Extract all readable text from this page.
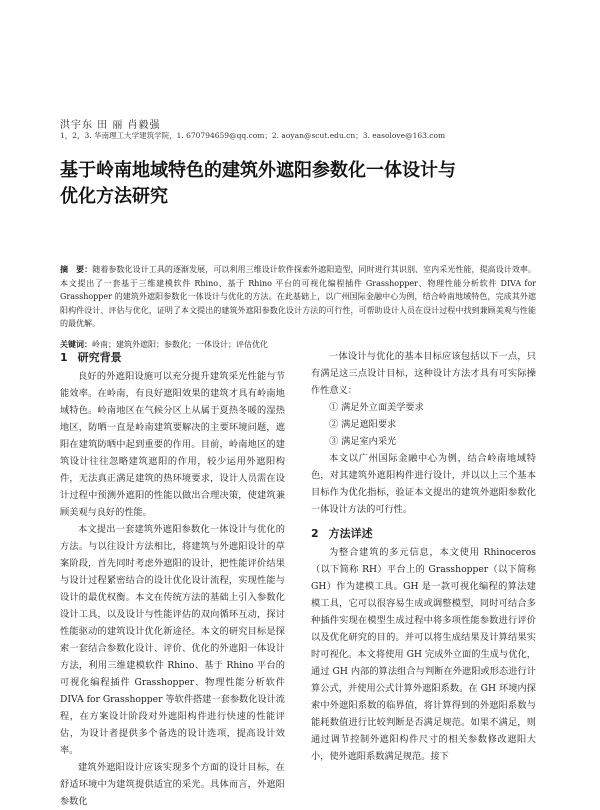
洪宇东 田 丽 肖毅强
1，2，3. 华南理工大学建筑学院，1. 670794659@qq.com；2. aoyan@scut.edu.cn；3. easolove@163.com
基于岭南地域特色的建筑外遮阳参数化一体设计与
优化方法研究
摘　要：随着参数化设计工具的逐渐发展，可以利用三维设计软件探索外遮阳造型，同时进行其识别、室内采光性能，提高设计效率。本文提出了一套基于三维建模软件 Rhino、基于 Rhino 平台的可视化编程插件 Grasshopper、物理性能分析软件 DIVA for Grasshopper 的建筑外遮阳参数化一体设计与优化的方法。在此基础上，以广州国际金融中心为例，结合岭南地域特色，完成其外遮阳构件设计、评估与优化，证明了本文提出的建筑外遮阳参数化设计方法的可行性，可帮助设计人员在设计过程中找到兼顾美观与性能的最优解。
关键词：岭南；建筑外遮阳；参数化；一体设计；评估优化
1 研究背景

良好的外遮阳设施可以充分提升建筑采光性能与节能效率。在岭南，有良好遮阳效果的建筑才具有岭南地域特色。岭南地区在气候分区上从属于夏热冬暖的湿热地区，防晒一直是岭南建筑要解决的主要环境问题，遮阳在建筑防晒中起到重要的作用。目前，岭南地区的建筑设计往往忽略建筑遮阳的作用，较少运用外遮阳构件，无法真正满足建筑的热环境要求，设计人员需在设计过程中预测外遮阳的性能以做出合理决策，使建筑兼顾美观与良好的性能。

本文提出一套建筑外遮阳参数化一体设计与优化的方法。与以往设计方法相比，将建筑与外遮阳设计的草案阶段，首先同时考虑外遮阳的设计，把性能评价结果与设计过程紧密结合的设计优化设计流程，实现性能与设计的最优权衡。本文在传统方法的基础上引入参数化设计工具，以及设计与性能评估的双向循环互动，探讨性能驱动的建筑设计优化新途径。本文的研究目标是探索一套结合参数化设计、评价、优化的外遮阳一体设计方法，利用三维建模软件 Rhino、基于 Rhino 平台的可视化编程插件 Grasshopper、物理性能分析软件 DIVA for Grasshopper 等软件搭建一套参数化设计流程，在方案设计阶段对外遮阳构件进行快速的性能评估，为设计者提供多个备选的设计选项，提高设计效率。

建筑外遮阳设计应该实现多个方面的设计目标，在舒适环境中为建筑提供适宜的采光。具体而言，外遮阳参数化

一体设计与优化的基本目标应该包括以下一点，只有满足这三点设计目标，这种设计方法才具有可实际操作性意义：

① 满足外立面美学要求

② 满足遮阳要求

③ 满足室内采光

本文以广州国际金融中心为例，结合岭南地域特色，对其建筑外遮阳构件进行设计，并以以上三个基本目标作为优化指标，验证本文提出的建筑外遮阳参数化一体设计方法的可行性。

2 方法详述

为整合建筑的多元信息，本文使用 Rhinoceros（以下简称 RH）平台上的 Grasshopper（以下简称 GH）作为建模工具。GH 是一款可视化编程的算法建模工具，它可以很容易生成或调整模型，同时可结合多种插件实现在模型生成过程中将多项性能参数进行评价以及优化研究的目的。并可以将生成结果及计算结果实时可视化。本文将使用 GH 完成外立面的生成与优化，通过 GH 内部的算法组合与判断在外遮阳或形态进行计算公式，并使用公式计算外遮阳系数。在 GH 环境内探索中外遮阳系数的临界值，将计算得到的外遮阳系数与能耗数值进行比较判断是否满足规范。如果不满足，则通过调节控制外遮阳构件尺寸的相关参数修改遮阳大小，使外遮阳系数满足规范。接下
